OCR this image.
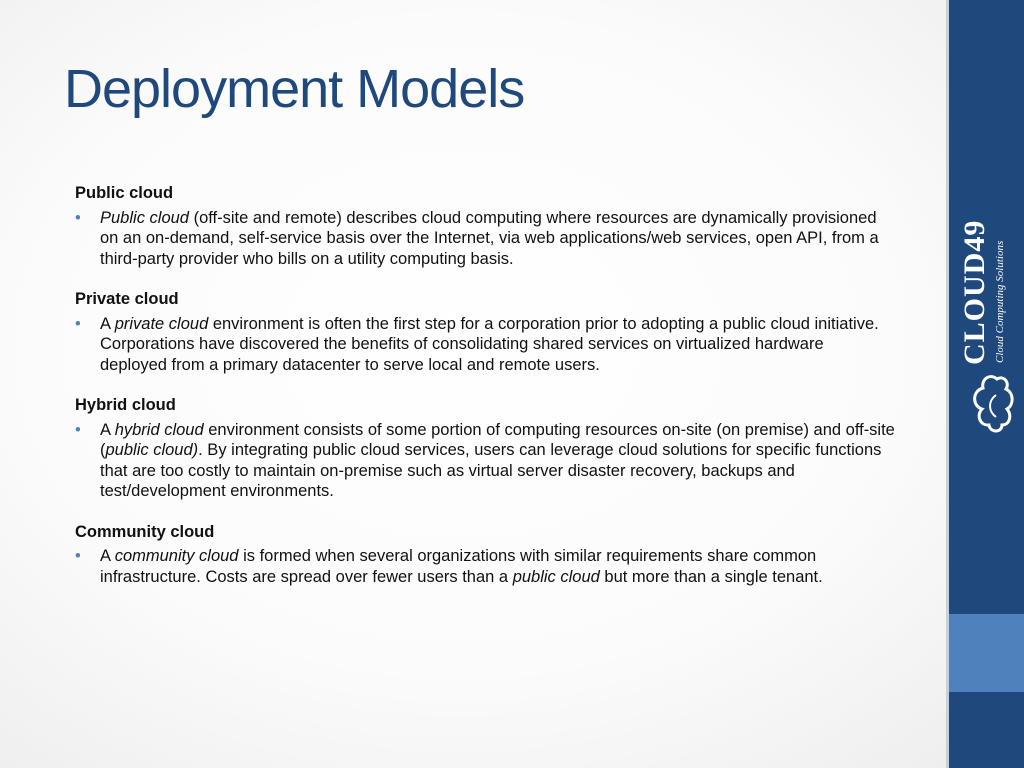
Deployment Models
Public cloud
• Public cloud (off-site and remote) describes cloud computing where resources are dynamically provisioned on an on-demand, self-service basis over the Internet, via web applications/web services, open API, from a third-party provider who bills on a utility computing basis.
Private cloud
• A private cloud environment is often the first step for a corporation prior to adopting a public cloud initiative. Corporations have discovered the benefits of consolidating shared services on virtualized hardware deployed from a primary datacenter to serve local and remote users.
Hybrid cloud
• A hybrid cloud environment consists of some portion of computing resources on-site (on premise) and off-site (public cloud). By integrating public cloud services, users can leverage cloud solutions for specific functions that are too costly to maintain on-premise such as virtual server disaster recovery, backups and test/development environments.
Community cloud
• A community cloud is formed when several organizations with similar requirements share common infrastructure. Costs are spread over fewer users than a public cloud but more than a single tenant.
CLOUD49 Cloud Computing Solutions
